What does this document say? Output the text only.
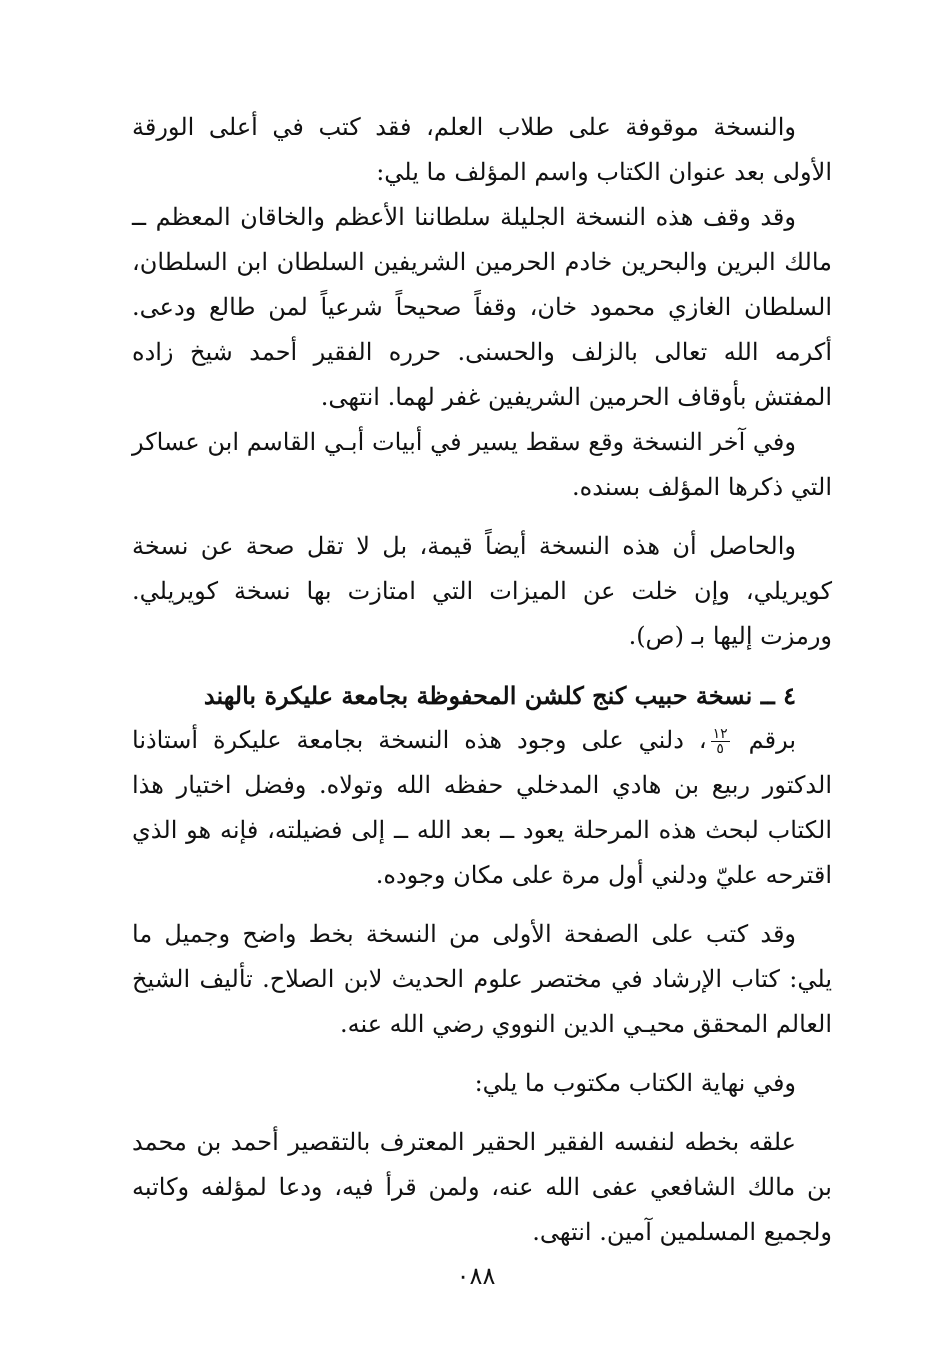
والنسخة موقوفة على طلاب العلم، فقد كتب في أعلى الورقة الأولى بعد عنوان الكتاب واسم المؤلف ما يلي:

وقد وقف هذه النسخة الجليلة سلطاننا الأعظم والخاقان المعظم ــ مالك البرين والبحرين خادم الحرمين الشريفين السلطان ابن السلطان، السلطان الغازي محمود خان، وقفاً صحيحاً شرعياً لمن طالع ودعى. أكرمه الله تعالى بالزلف والحسنى. حرره الفقير أحمد شيخ زاده المفتش بأوقاف الحرمين الشريفين غفر لهما. انتهى.

وفي آخر النسخة وقع سقط يسير في أبيات أبـي القاسم ابن عساكر التي ذكرها المؤلف بسنده.

والحاصل أن هذه النسخة أيضاً قيمة، بل لا تقل صحة عن نسخة كويريلي، وإن خلت عن الميزات التي امتازت بها نسخة كويريلي. ورمزت إليها بـ (ص).

٤ ــ نسخة حبيب كنج كلشن المحفوظة بجامعة عليكرة بالهند

برقم
$\frac{١٢}{٥}$
، دلني على وجود هذه النسخة بجامعة عليكرة أستاذنا الدكتور ربيع بن هادي المدخلي حفظه الله وتولاه. وفضل اختيار هذا الكتاب لبحث هذه المرحلة يعود ــ بعد الله ــ إلى فضيلته، فإنه هو الذي اقترحه عليّ ودلني أول مرة على مكان وجوده.

وقد كتب على الصفحة الأولى من النسخة بخط واضح وجميل ما يلي: كتاب الإرشاد في مختصر علوم الحديث لابن الصلاح. تأليف الشيخ العالم المحقق محيـي الدين النووي رضي الله عنه.

وفي نهاية الكتاب مكتوب ما يلي:

علقه بخطه لنفسه الفقير الحقير المعترف بالتقصير أحمد بن محمد بن مالك الشافعي عفى الله عنه، ولمن قرأ فيه، ودعا لمؤلفه وكاتبه ولجميع المسلمين آمين. انتهى.

٠٨٨
